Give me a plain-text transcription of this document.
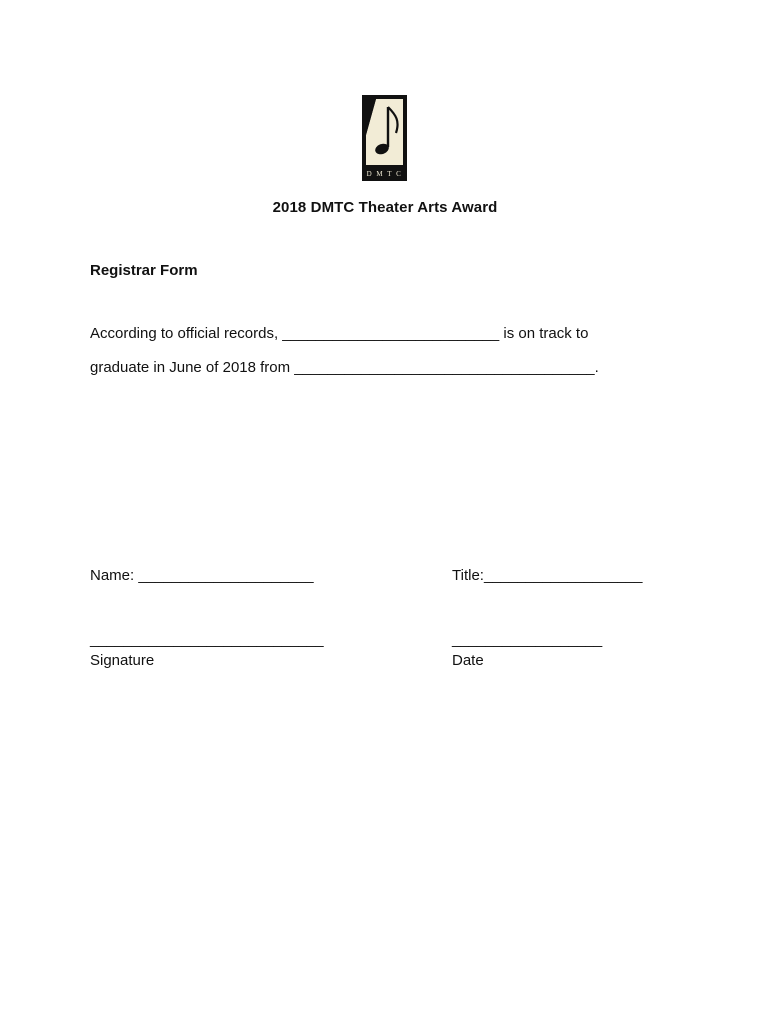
D M T C
2018 DMTC Theater Arts Award
Registrar Form
According to official records, __________________________ is on track to
graduate in June of 2018 from ____________________________________.
Name: _____________________	Title:___________________
____________________________	__________________
Signature	Date
